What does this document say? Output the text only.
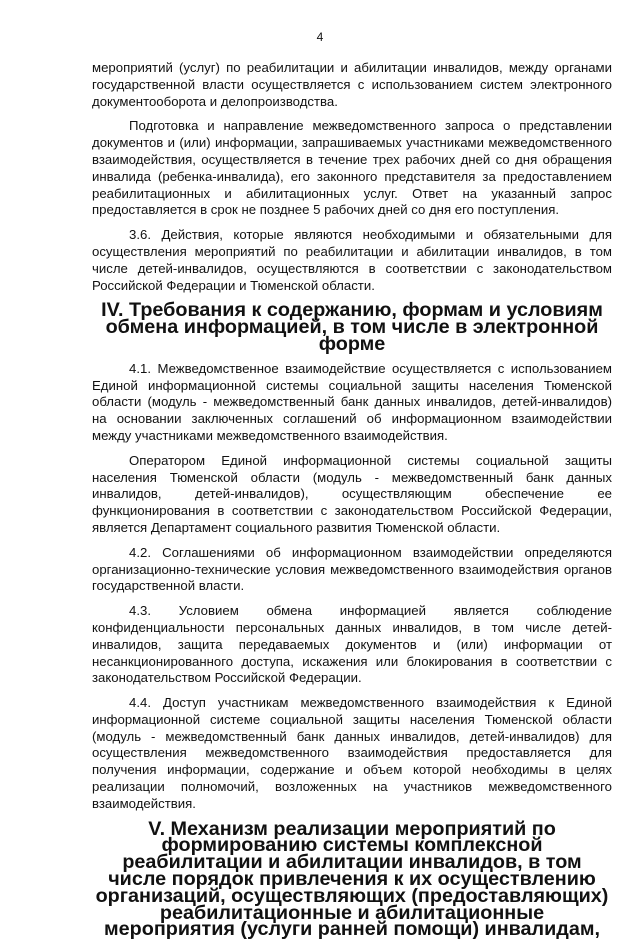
4

мероприятий (услуг) по реабилитации и абилитации инвалидов, между органами государственной власти осуществляется с использованием систем электронного документооборота и делопроизводства.

Подготовка и направление межведомственного запроса о представлении документов и (или) информации, запрашиваемых участниками межведомственного взаимодействия, осуществляется в течение трех рабочих дней со дня обращения инвалида (ребенка-инвалида), его законного представителя за предоставлением реабилитационных и абилитационных услуг. Ответ на указанный запрос предоставляется в срок не позднее 5 рабочих дней со дня его поступления.

3.6. Действия, которые являются необходимыми и обязательными для осуществления мероприятий по реабилитации и абилитации инвалидов, в том числе детей-инвалидов, осуществляются в соответствии с законодательством Российской Федерации и Тюменской области.

IV. Требования к содержанию, формам и условиям обмена информацией, в том числе в электронной форме

4.1. Межведомственное взаимодействие осуществляется с использованием Единой информационной системы социальной защиты населения Тюменской области (модуль - межведомственный банк данных инвалидов, детей-инвалидов) на основании заключенных соглашений об информационном взаимодействии между участниками межведомственного взаимодействия.

Оператором Единой информационной системы социальной защиты населения Тюменской области (модуль - межведомственный банк данных инвалидов, детей-инвалидов), осуществляющим обеспечение ее функционирования в соответствии с законодательством Российской Федерации, является Департамент социального развития Тюменской области.

4.2. Соглашениями об информационном взаимодействии определяются организационно-технические условия межведомственного взаимодействия органов государственной власти.

4.3. Условием обмена информацией является соблюдение конфиденциальности персональных данных инвалидов, в том числе детей-инвалидов, защита передаваемых документов и (или) информации от несанкционированного доступа, искажения или блокирования в соответствии с законодательством Российской Федерации.

4.4. Доступ участникам межведомственного взаимодействия к Единой информационной системе социальной защиты населения Тюменской области (модуль - межведомственный банк данных инвалидов, детей-инвалидов) для осуществления межведомственного взаимодействия предоставляется для получения информации, содержание и объем которой необходимы в целях реализации полномочий, возложенных на участников межведомственного взаимодействия.

V. Механизм реализации мероприятий по формированию системы комплексной реабилитации и абилитации инвалидов, в том числе порядок привлечения к их осуществлению организаций, осуществляющих (предоставляющих) реабилитационные и абилитационные мероприятия (услуги ранней помощи) инвалидам,
